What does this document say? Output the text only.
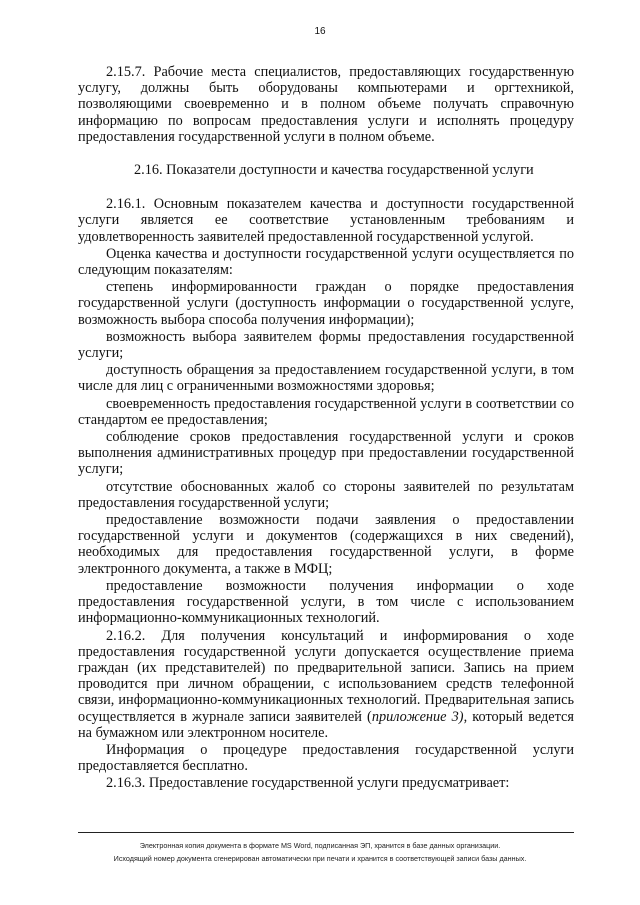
16

2.15.7. Рабочие места специалистов, предоставляющих государственную услугу, должны быть оборудованы компьютерами и оргтехникой, позволяющими своевременно и в полном объеме получать справочную информацию по вопросам предоставления услуги и исполнять процедуру предоставления государственной услуги в полном объеме.

2.16. Показатели доступности и качества государственной услуги

2.16.1. Основным показателем качества и доступности государственной услуги является ее соответствие установленным требованиям и удовлетворенность заявителей предоставленной государственной услугой.

Оценка качества и доступности государственной услуги осуществляется по следующим показателям:

степень информированности граждан о порядке предоставления государственной услуги (доступность информации о государственной услуге, возможность выбора способа получения информации);

возможность выбора заявителем формы предоставления государственной услуги;

доступность обращения за предоставлением государственной услуги, в том числе для лиц с ограниченными возможностями здоровья;

своевременность предоставления государственной услуги в соответствии со стандартом ее предоставления;

соблюдение сроков предоставления государственной услуги и сроков выполнения административных процедур при предоставлении государственной услуги;

отсутствие обоснованных жалоб со стороны заявителей по результатам предоставления государственной услуги;

предоставление возможности подачи заявления о предоставлении государственной услуги и документов (содержащихся в них сведений), необходимых для предоставления государственной услуги, в форме электронного документа, а также в МФЦ;

предоставление возможности получения информации о ходе предоставления государственной услуги, в том числе с использованием информационно-коммуникационных технологий.

2.16.2. Для получения консультаций и информирования о ходе предоставления государственной услуги допускается осуществление приема граждан (их представителей) по предварительной записи. Запись на прием проводится при личном обращении, с использованием средств телефонной связи, информационно-коммуникационных технологий. Предварительная запись осуществляется в журнале записи заявителей (приложение 3), который ведется на бумажном или электронном носителе.

Информация о процедуре предоставления государственной услуги предоставляется бесплатно.

2.16.3. Предоставление государственной услуги предусматривает:

Электронная копия документа в формате MS Word, подписанная ЭП, хранится в базе данных организации.
Исходящий номер документа сгенерирован автоматически при печати и хранится в соответствующей записи базы данных.
